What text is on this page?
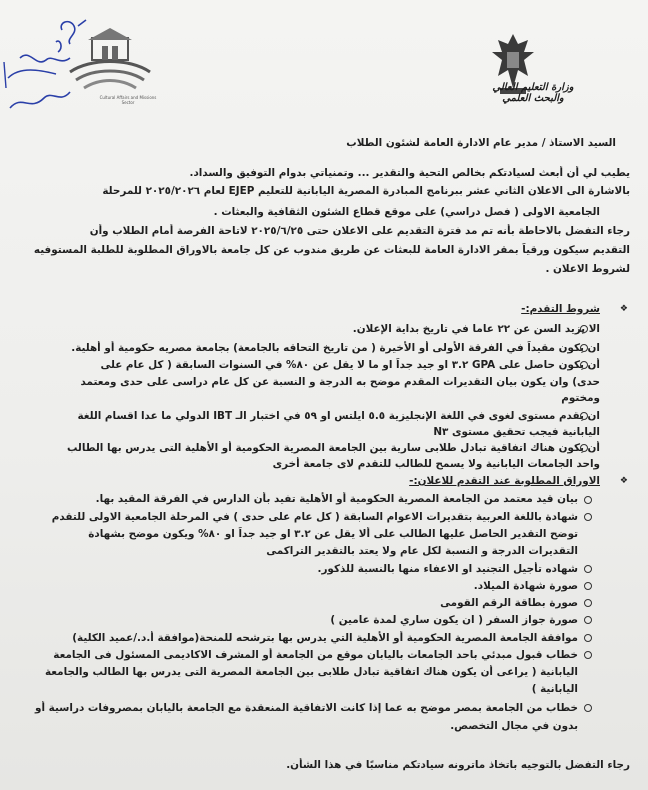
Cultural Affairs and Missions Sector
وزارة التعليم العالي والبحث العلمي
السيد الاستاذ / مدير عام الادارة العامة لشئون الطلاب
يطيب لي أن أبعث لسيادتكم بخالص التحية والتقدير ... وتمنياتي بدوام التوفيق والسداد.
بالاشارة الى الاعلان الثاني عشر ببرنامج المبادرة المصرية اليابانية للتعليم EJEP لعام ٢٠٢٥/٢٠٢٦ للمرحلة
الجامعية الاولى ( فصل دراسي) على موقع قطاع الشئون الثقافية والبعثات .
رجاء التفضل بالاحاطة بأنه تم مد فترة التقديم على الاعلان حتى ٢٠٢٥/٦/٢٥ لاتاحة الفرصة أمام الطلاب وأن
التقديم سيكون ورقياً بمقر الادارة العامة للبعثات عن طريق مندوب عن كل جامعة بالاوراق المطلوبة للطلبة المستوفيه
لشروط الاعلان .
شروط التقدم:- ❖
الا يزيد السن عن ٢٢ عاما في تاريخ بداية الإعلان.
ان يكون مقيداً في الفرقة الأولى أو الأخيرة ( من تاريخ التحاقه بالجامعة) بجامعة مصريه حكومية أو أهلية.
أن يكون حاصل على GPA ٣.٢ او جيد جداً او ما لا يقل عن ٨٠% في السنوات السابقة ( كل عام على
حدى) وان يكون بيان التقديرات المقدم موضح به الدرجة و النسبة عن كل عام دراسى على حدى ومعتمد
ومختوم
ان يقدم مستوى لغوى في اللغة الإنجليزية ٥.٥ ايلتس او ٥٩ في اختبار الـ IBT الدولي ما عدا اقسام اللغة
اليابانية فيجب تحقيق مستوى N٣
أن يكون هناك اتفاقية تبادل طلابى سارية بين الجامعة المصرية الحكومية أو الأهلية التى يدرس بها الطالب
واحد الجامعات اليابانية ولا يسمح للطالب للتقدم لاى جامعة أخرى
الاوراق المطلوبة عند التقدم للاعلان:- ❖
بيان قيد معتمد من الجامعة المصرية الحكومية أو الأهلية تفيد بأن الدارس في الفرقة المقيد بها.
شهادة باللغة العربية بتقديرات الاعوام السابقة ( كل عام على حدى ) في المرحلة الجامعية الاولى للتقدم
توضح التقدير الحاصل عليها الطالب على ألا يقل عن ٣.٢ او جيد جداً او ٨٠% ويكون موضح بشهادة
التقديرات الدرجة و النسبة لكل عام ولا يعتد بالتقدير التراكمى
شهاده تأجيل التجنيد او الاعفاء منها بالنسبة للذكور.
صورة شهادة الميلاد.
صورة بطاقة الرقم القومى
صورة جواز السفر ( ان يكون ساري لمدة عامين )
موافقة الجامعة المصرية الحكومية أو الأهلية التي يدرس بها بترشحه للمنحة(موافقة أ.د./عميد الكلية)
خطاب قبول مبدئي باحد الجامعات باليابان موقع من الجامعة أو المشرف الاكاديمى المسئول فى الجامعة
اليابانية ( يراعى أن يكون هناك اتفاقية تبادل طلابى بين الجامعة المصرية التى يدرس بها الطالب والجامعة
اليابانية )
خطاب من الجامعة بمصر موضح به عما إذا كانت الاتفاقية المنعقدة مع الجامعة باليابان بمصروفات دراسية أو
بدون في مجال التخصص.
رجاء التفضل بالتوجيه باتخاذ ماترونه سيادتكم مناسبًا في هذا الشأن.
